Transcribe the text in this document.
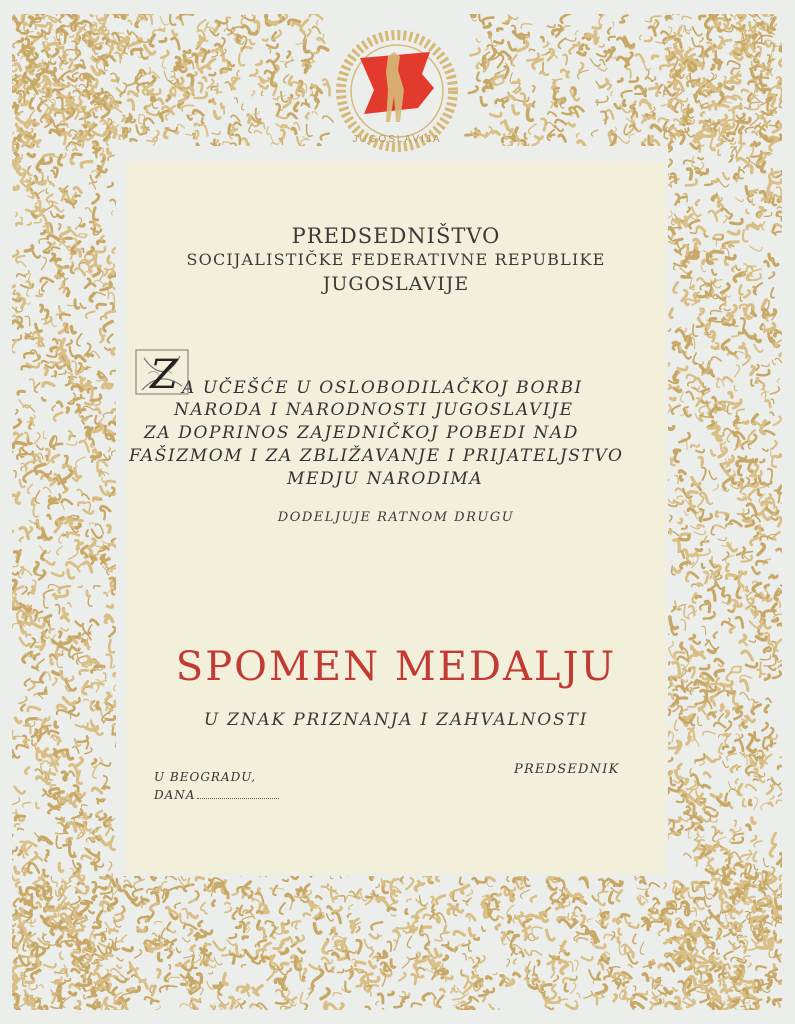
JUGOSLAVIJA
PREDSEDNIŠTVO
SOCIJALISTIČKE FEDERATIVNE REPUBLIKE
JUGOSLAVIJE
Z A UČEŠĆE U OSLOBODILAČKOJ BORBI
NARODA I NARODNOSTI JUGOSLAVIJE
ZA DOPRINOS ZAJEDNIČKOJ POBEDI NAD
FAŠIZMOM I ZA ZBLIŽAVANJE I PRIJATELJSTVO
MEDJU NARODIMA
DODELJUJE RATNOM DRUGU
SPOMEN MEDALJU
U ZNAK PRIZNANJA I ZAHVALNOSTI
U BEOGRADU,
DANA
PREDSEDNIK
